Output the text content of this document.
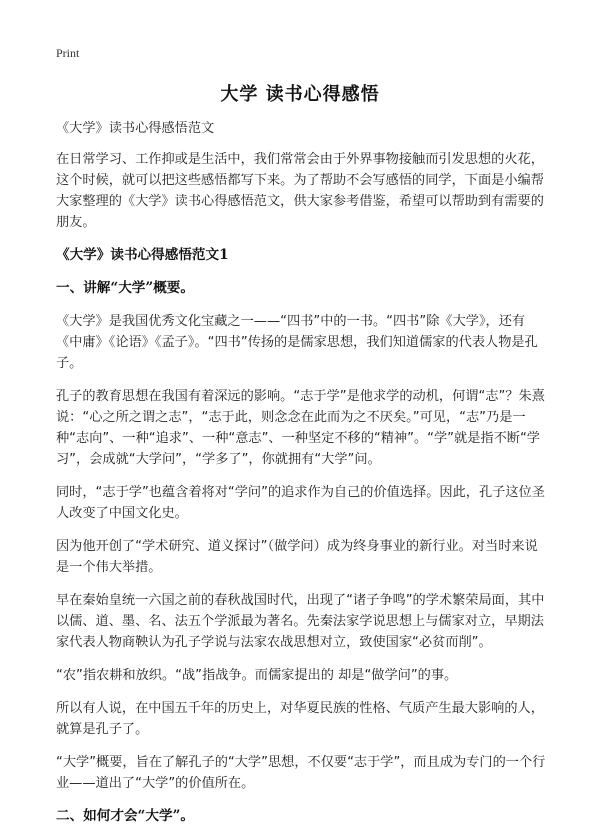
Print
大学 读书心得感悟

《大学》读书心得感悟范文

在日常学习、工作抑或是生活中，我们常常会由于外界事物接触而引发思想的火花，这个时候，就可以把这些感悟都写下来。为了帮助不会写感悟的同学，下面是小编帮大家整理的《大学》读书心得感悟范文，供大家参考借鉴，希望可以帮助到有需要的朋友。

《大学》读书心得感悟范文1

一、讲解“大学”概要。

《大学》是我国优秀文化宝藏之一——“四书”中的一书。“四书”除《大学》，还有《中庸》《论语》《孟子》。“四书”传扬的是儒家思想，我们知道儒家的代表人物是孔子。

孔子的教育思想在我国有着深远的影响。“志于学”是他求学的动机，何谓“志”？朱熹说：“心之所之谓之志”，“志于此，则念念在此而为之不厌矣。”可见，“志”乃是一种“志向”、一种“追求”、一种“意志”、一种坚定不移的“精神”。“学”就是指不断“学习”，会成就“大学问”，“学多了”，你就拥有“大学”问。

同时，“志于学”也蕴含着将对“学问”的追求作为自己的价值选择。因此，孔子这位圣人改变了中国文化史。

因为他开创了“学术研究、道义探讨”（做学问）成为终身事业的新行业。对当时来说是一个伟大举措。

早在秦始皇统一六国之前的春秋战国时代，出现了“诸子争鸣”的学术繁荣局面，其中以儒、道、墨、名、法五个学派最为著名。先秦法家学说思想上与儒家对立，早期法家代表人物商鞅认为孔子学说与法家农战思想对立，致使国家“必贫而削”。

“农”指农耕和放织。“战”指战争。而儒家提出的 却是“做学问”的事。

所以有人说，在中国五千年的历史上，对华夏民族的性格、气质产生最大影响的人，就算是孔子了。

“大学”概要，旨在了解孔子的“大学”思想，不仅要“志于学”，而且成为专门的一个行业——道出了“大学”的价值所在。

二、如何才会“大学”。
